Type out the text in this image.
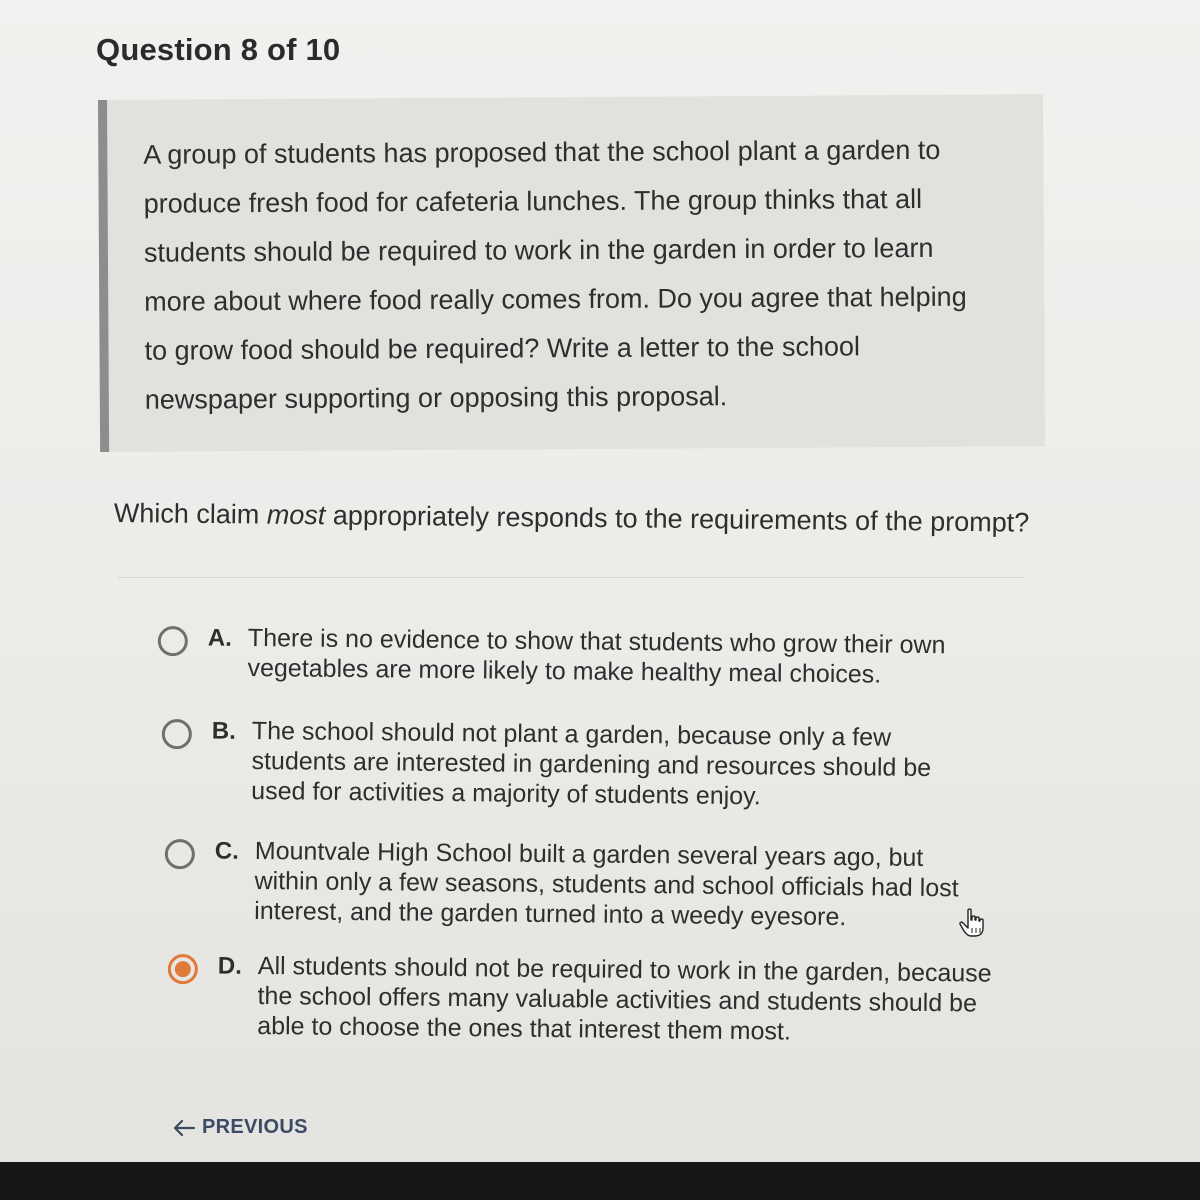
Question 8 of 10
A group of students has proposed that the school plant a garden to
produce fresh food for cafeteria lunches. The group thinks that all
students should be required to work in the garden in order to learn
more about where food really comes from. Do you agree that helping
to grow food should be required? Write a letter to the school
newspaper supporting or opposing this proposal.
Which claim most appropriately responds to the requirements of the prompt?
A. There is no evidence to show that students who grow their own
vegetables are more likely to make healthy meal choices.
B. The school should not plant a garden, because only a few
students are interested in gardening and resources should be
used for activities a majority of students enjoy.
C. Mountvale High School built a garden several years ago, but
within only a few seasons, students and school officials had lost
interest, and the garden turned into a weedy eyesore.
D. All students should not be required to work in the garden, because
the school offers many valuable activities and students should be
able to choose the ones that interest them most.
PREVIOUS
